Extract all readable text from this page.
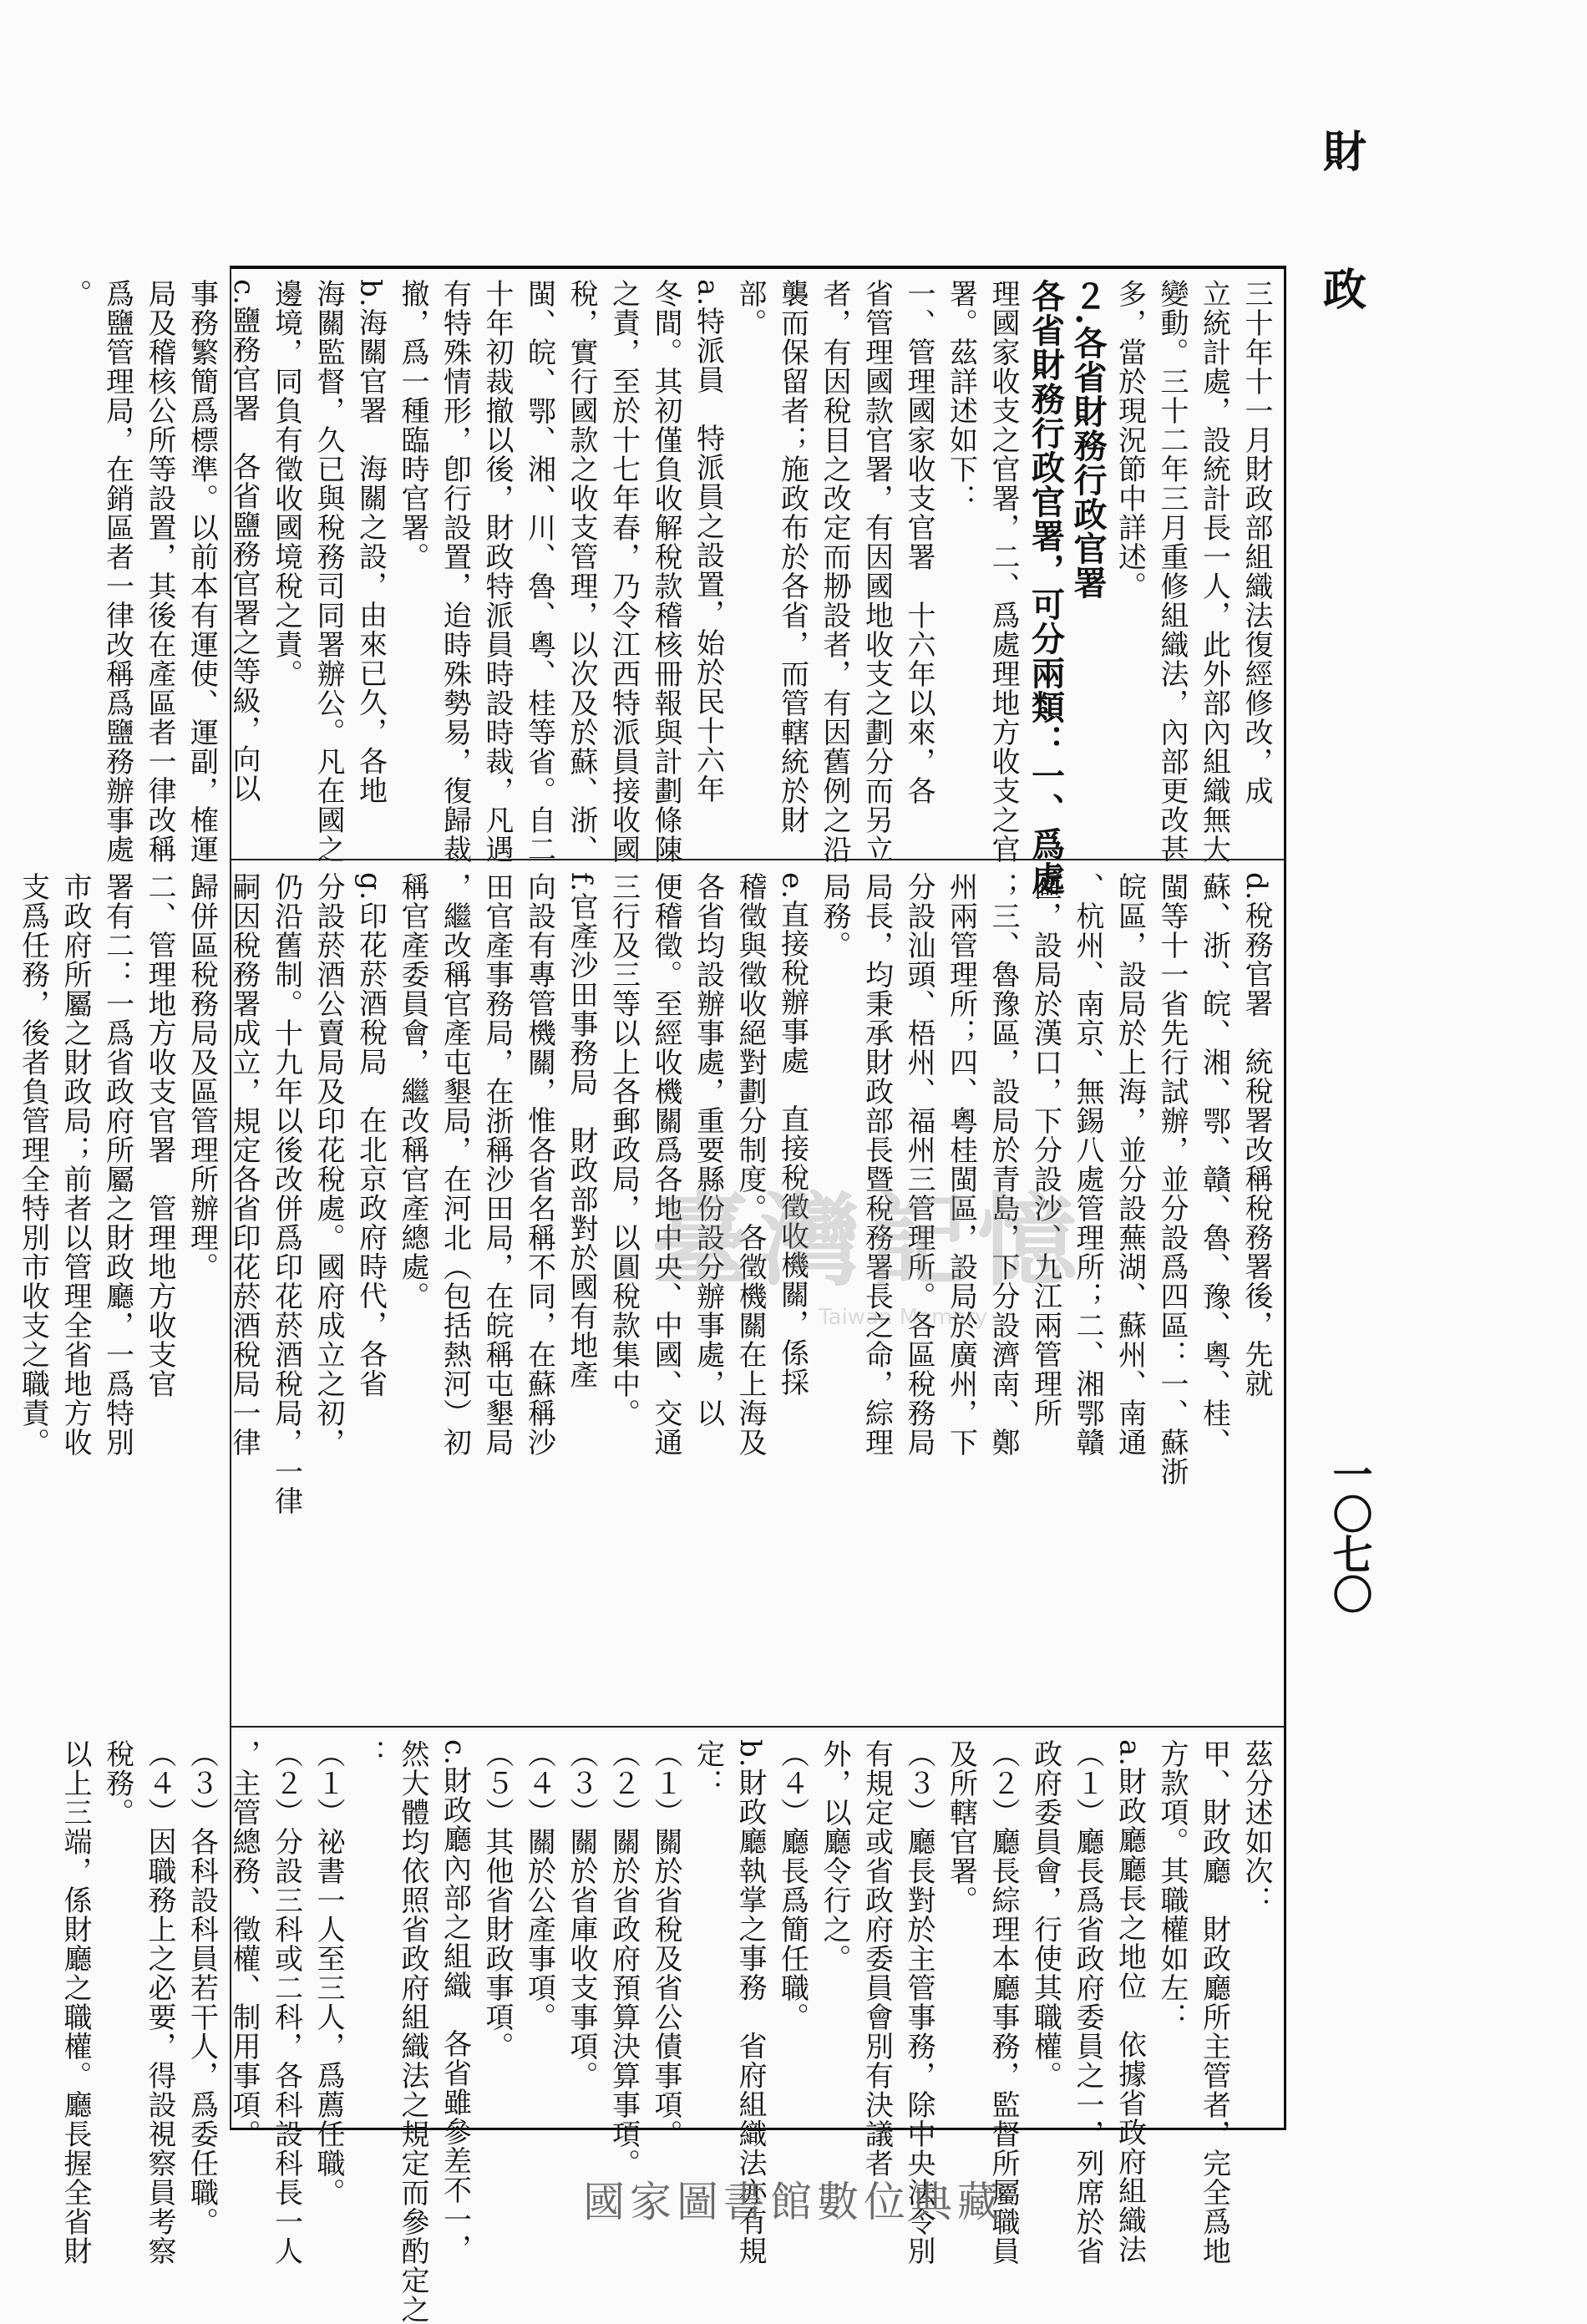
財
政
一〇七〇
三十年十一月財政部組織法復經修改，成
立統計處，設統計長一人，此外部內組織無大
變動。三十二年三月重修組織法，內部更改甚
多，當於現況節中詳述。
２.各省財務行政官署
各省財務行政官署，可分兩類：一、爲處
理國家收支之官署，二、爲處理地方收支之官
署。茲詳述如下：
一、管理國家收支官署　十六年以來，各
省管理國款官署，有因國地收支之劃分而另立
者，有因稅目之改定而刱設者，有因舊例之沿
襲而保留者；施政布於各省，而管轄統於財
部。
a.特派員　特派員之設置，始於民十六年
冬間。其初僅負收解稅款稽核冊報與計劃條陳
之責，至於十七年春，乃令江西特派員接收國
稅，實行國款之收支管理，以次及於蘇、浙、
閩、皖、鄂、湘、川、魯、粵、桂等省。自二
十年初裁撤以後，財政特派員時設時裁，凡遇
有特殊情形，卽行設置，迨時殊勢易，復歸裁
撤，爲一種臨時官署。
b.海關官署　海關之設，由來已久，各地
海關監督，久已與稅務司同署辦公。凡在國之
邊境，同負有徵收國境稅之責。
c.鹽務官署　各省鹽務官署之等級，向以
事務繁簡爲標準。以前本有運使、運副，榷運
局及稽核公所等設置，其後在產區者一律改稱
爲鹽管理局，在銷區者一律改稱爲鹽務辦事處
。
d.稅務官署　統稅署改稱稅務署後，先就
蘇、浙、皖、湘、鄂、贛、魯、豫、粵、桂、
閩等十一省先行試辦，並分設爲四區：一、蘇浙
皖區，設局於上海，並分設蕪湖、蘇州、南通
、杭州、南京、無錫八處管理所；二、湘鄂贛
區，設局於漢口，下分設沙、九江兩管理所
；三、魯豫區，設局於青島，下分設濟南、鄭
州兩管理所；四、粵桂閩區，設局於廣州，下
分設汕頭、梧州、福州三管理所。各區稅務局
局長，均秉承財政部長暨稅務署長之命，綜理
局務。
e.直接稅辦事處　直接稅徵收機關，係採
稽徵與徵收絕對劃分制度。各徵機關在上海及
各省均設辦事處，重要縣份設分辦事處，以
便稽徵。至經收機關爲各地中央、中國、交通
三行及三等以上各郵政局，以圓稅款集中。
f.官產沙田事務局　財政部對於國有地產
向設有專管機關，惟各省名稱不同，在蘇稱沙
田官產事務局，在浙稱沙田局，在皖稱屯墾局
，繼改稱官產屯墾局，在河北（包括熱河）初
稱官產委員會，繼改稱官產總處。
g.印花菸酒稅局　在北京政府時代，各省
分設菸酒公賣局及印花稅處。國府成立之初，
仍沿舊制。十九年以後改併爲印花菸酒稅局，一律
嗣因稅務署成立，規定各省印花菸酒稅局一律
歸併區稅務局及區管理所辦理。
二、管理地方收支官署　管理地方收支官
署有二：一爲省政府所屬之財政廳，一爲特別
市政府所屬之財政局；前者以管理全省地方收
支爲任務，後者負管理全特別市收支之職責。
茲分述如次：
甲、財政廳　財政廳所主管者，完全爲地
方款項。其職權如左：
a.財政廳廳長之地位　依據省政府組織法
（１）廳長爲省政府委員之一，列席於省
政府委員會，行使其職權。
（２）廳長綜理本廳事務，監督所屬職員
及所轄官署。
（３）廳長對於主管事務，除中央法令別
有規定或省政府委員會別有決議者
外，以廳令行之。
（４）廳長爲簡任職。
b.財政廳執掌之事務　省府組織法亦有規
定：
（１）關於省稅及省公債事項。
（２）關於省政府預算決算事項。
（３）關於省庫收支事項。
（４）關於公產事項。
（５）其他省財政事項。
c.財政廳內部之組織　各省雖參差不一，
然大體均依照省政府組織法之規定而參酌定之
：
（１）祕書一人至三人，爲薦任職。
（２）分設三科或二科，各科設科長一人
，主管總務、徵權、制用事項。
（３）各科設科員若干人，爲委任職。
（４）因職務上之必要，得設視察員考察
稅務。
以上三端，係財廳之職權。廳長握全省財
臺灣記憶
Taiwan Memory
國家圖書館數位典藏
